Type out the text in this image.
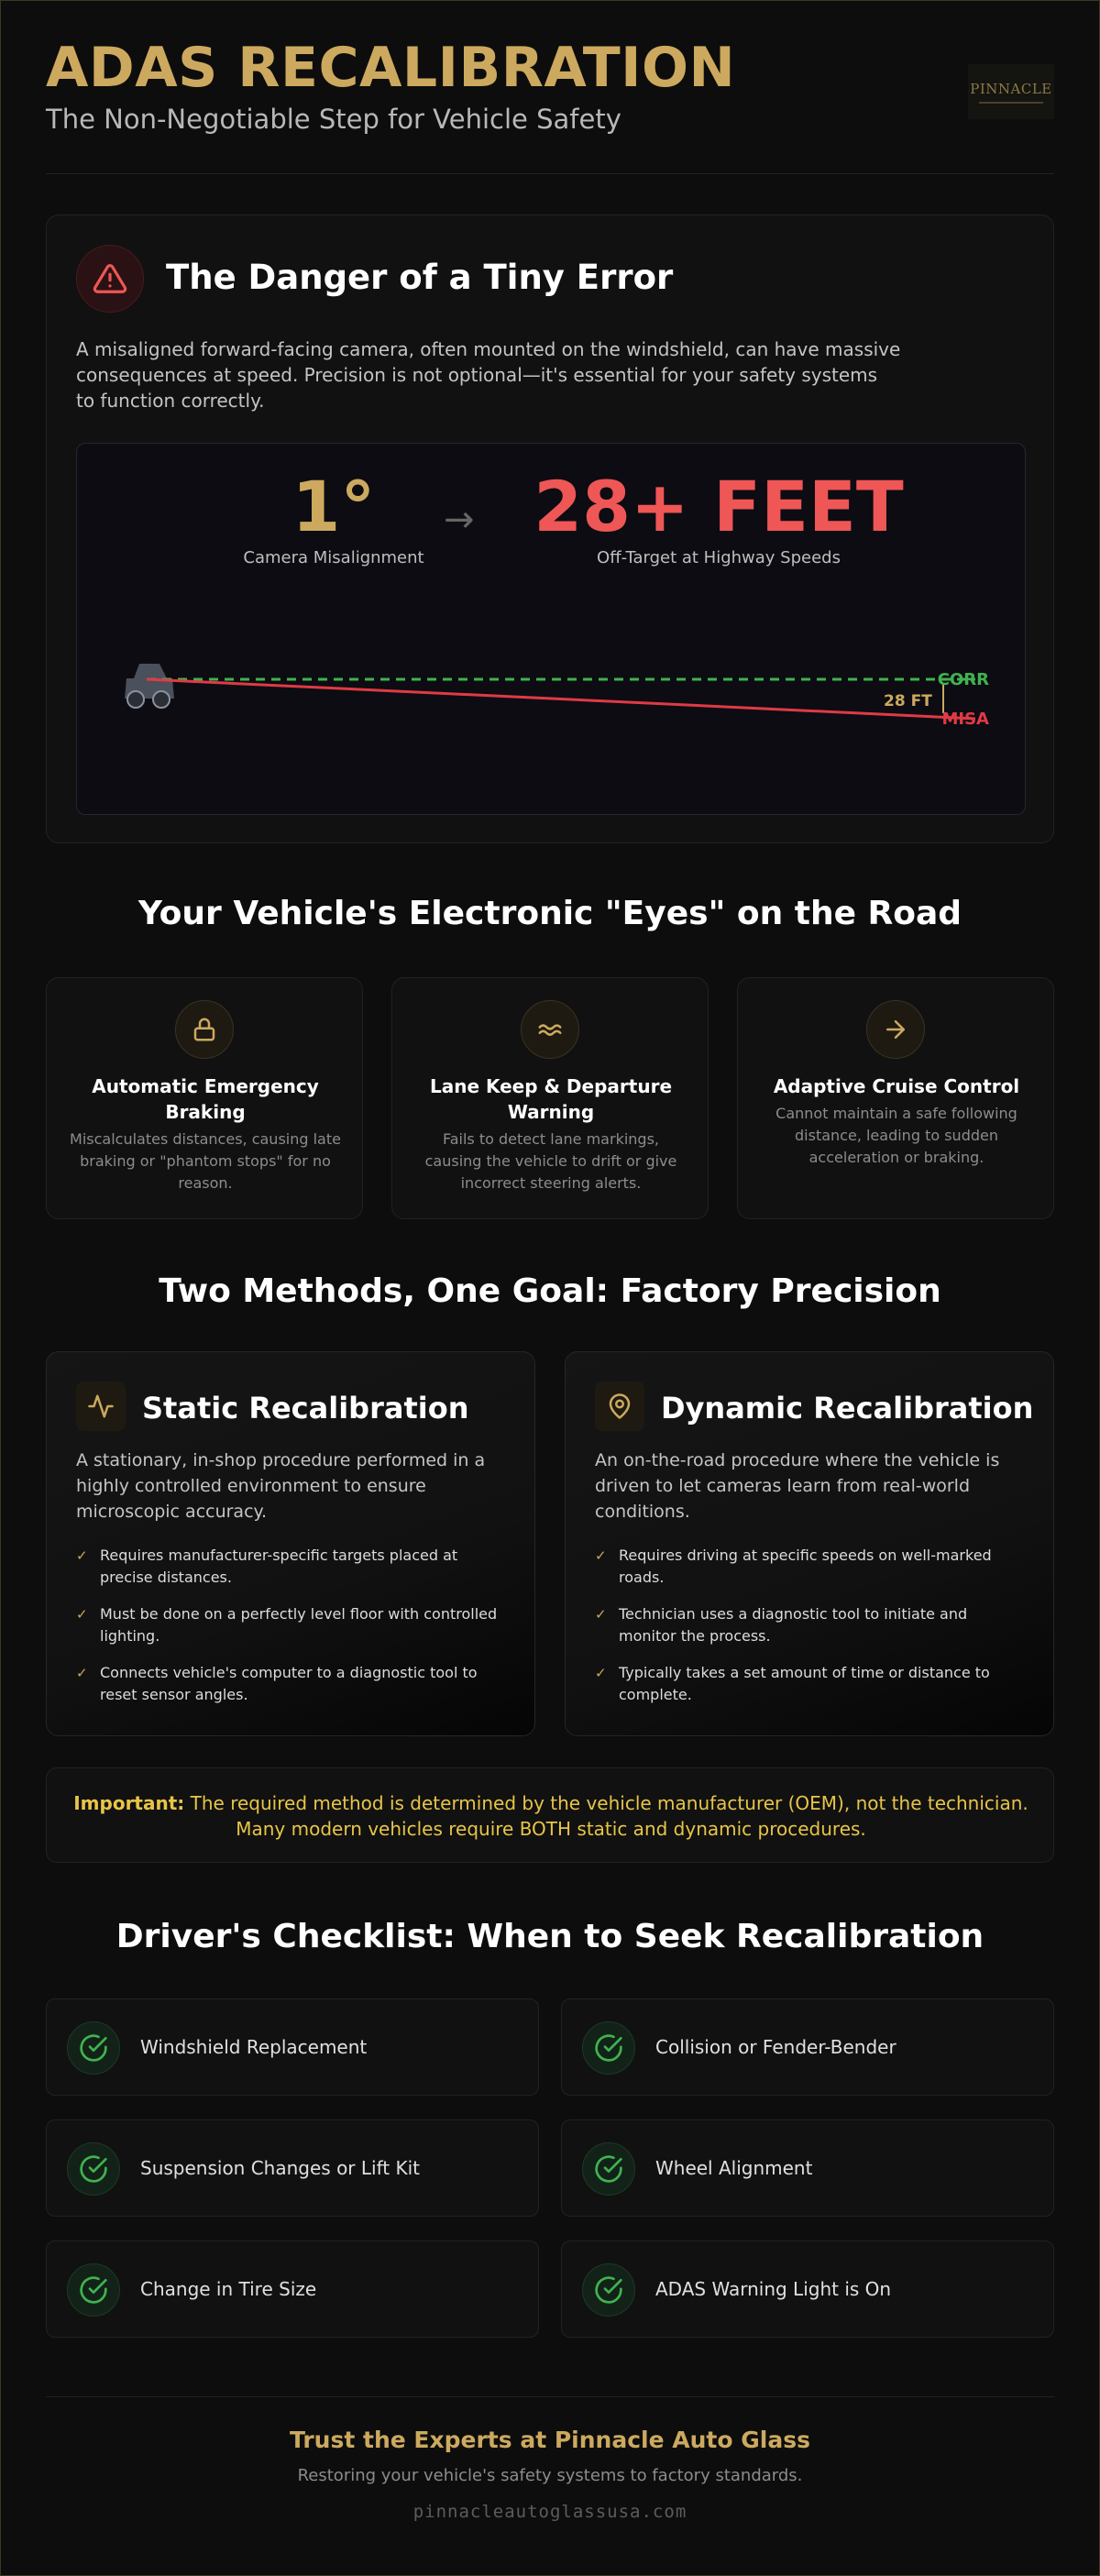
ADAS RECALIBRATION
The Non-Negotiable Step for Vehicle Safety
PINNACLE
The Danger of a Tiny Error
A misaligned forward-facing camera, often mounted on the windshield, can have massive consequences at speed. Precision is not optional—it's essential for your safety systems to function correctly.
1°	→ 28+ FEET
Camera Misalignment	Off-Target at Highway Speeds
28 FT
CORR
MISA
Your Vehicle's Electronic "Eyes" on the Road
Automatic Emergency Braking
Miscalculates distances, causing late braking or "phantom stops" for no reason.
Lane Keep & Departure Warning
Fails to detect lane markings, causing the vehicle to drift or give incorrect steering alerts.
Adaptive Cruise Control
Cannot maintain a safe following distance, leading to sudden acceleration or braking.
Two Methods, One Goal: Factory Precision
Static Recalibration
A stationary, in-shop procedure performed in a highly controlled environment to ensure microscopic accuracy.
✓ Requires manufacturer-specific targets placed at precise distances.
✓ Must be done on a perfectly level floor with controlled lighting.
✓ Connects vehicle's computer to a diagnostic tool to reset sensor angles.
Dynamic Recalibration
An on-the-road procedure where the vehicle is driven to let cameras learn from real-world conditions.
✓ Requires driving at specific speeds on well-marked roads.
✓ Technician uses a diagnostic tool to initiate and monitor the process.
✓ Typically takes a set amount of time or distance to complete.
Important: The required method is determined by the vehicle manufacturer (OEM), not the technician. Many modern vehicles require BOTH static and dynamic procedures.
Driver's Checklist: When to Seek Recalibration
Windshield Replacement	Collision or Fender-Bender
Suspension Changes or Lift Kit	Wheel Alignment
Change in Tire Size	ADAS Warning Light is On
Trust the Experts at Pinnacle Auto Glass
Restoring your vehicle's safety systems to factory standards.
pinnacleautoglassusa.com
